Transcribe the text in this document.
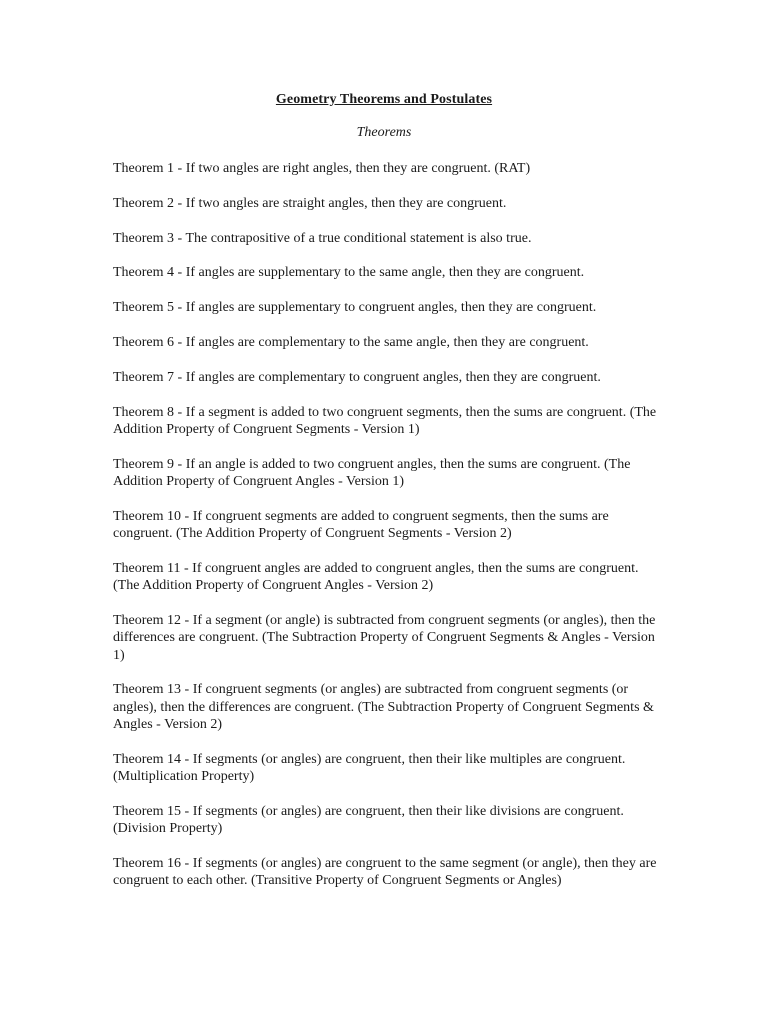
Geometry Theorems and Postulates
Theorems
Theorem 1 - If two angles are right angles, then they are congruent. (RAT)
Theorem 2 - If two angles are straight angles, then they are congruent.
Theorem 3 - The contrapositive of a true conditional statement is also true.
Theorem 4 - If angles are supplementary to the same angle, then they are congruent.
Theorem 5 - If angles are supplementary to congruent angles, then they are congruent.
Theorem 6 - If angles are complementary to the same angle, then they are congruent.
Theorem 7 - If angles are complementary to congruent angles, then they are congruent.
Theorem 8 - If a segment is added to two congruent segments, then the sums are congruent. (The Addition Property of Congruent Segments - Version 1)
Theorem 9 - If an angle is added to two congruent angles, then the sums are congruent. (The Addition Property of Congruent Angles - Version 1)
Theorem 10 - If congruent segments are added to congruent segments, then the sums are congruent. (The Addition Property of Congruent Segments - Version 2)
Theorem 11 - If congruent angles are added to congruent angles, then the sums are congruent. (The Addition Property of Congruent Angles - Version 2)
Theorem 12 - If a segment (or angle) is subtracted from congruent segments (or angles), then the differences are congruent. (The Subtraction Property of Congruent Segments & Angles - Version 1)
Theorem 13 - If congruent segments (or angles) are subtracted from congruent segments (or angles), then the differences are congruent. (The Subtraction Property of Congruent Segments & Angles - Version 2)
Theorem 14 - If segments (or angles) are congruent, then their like multiples are congruent. (Multiplication Property)
Theorem 15 - If segments (or angles) are congruent, then their like divisions are congruent. (Division Property)
Theorem 16 - If segments (or angles) are congruent to the same segment (or angle), then they are congruent to each other. (Transitive Property of Congruent Segments or Angles)
